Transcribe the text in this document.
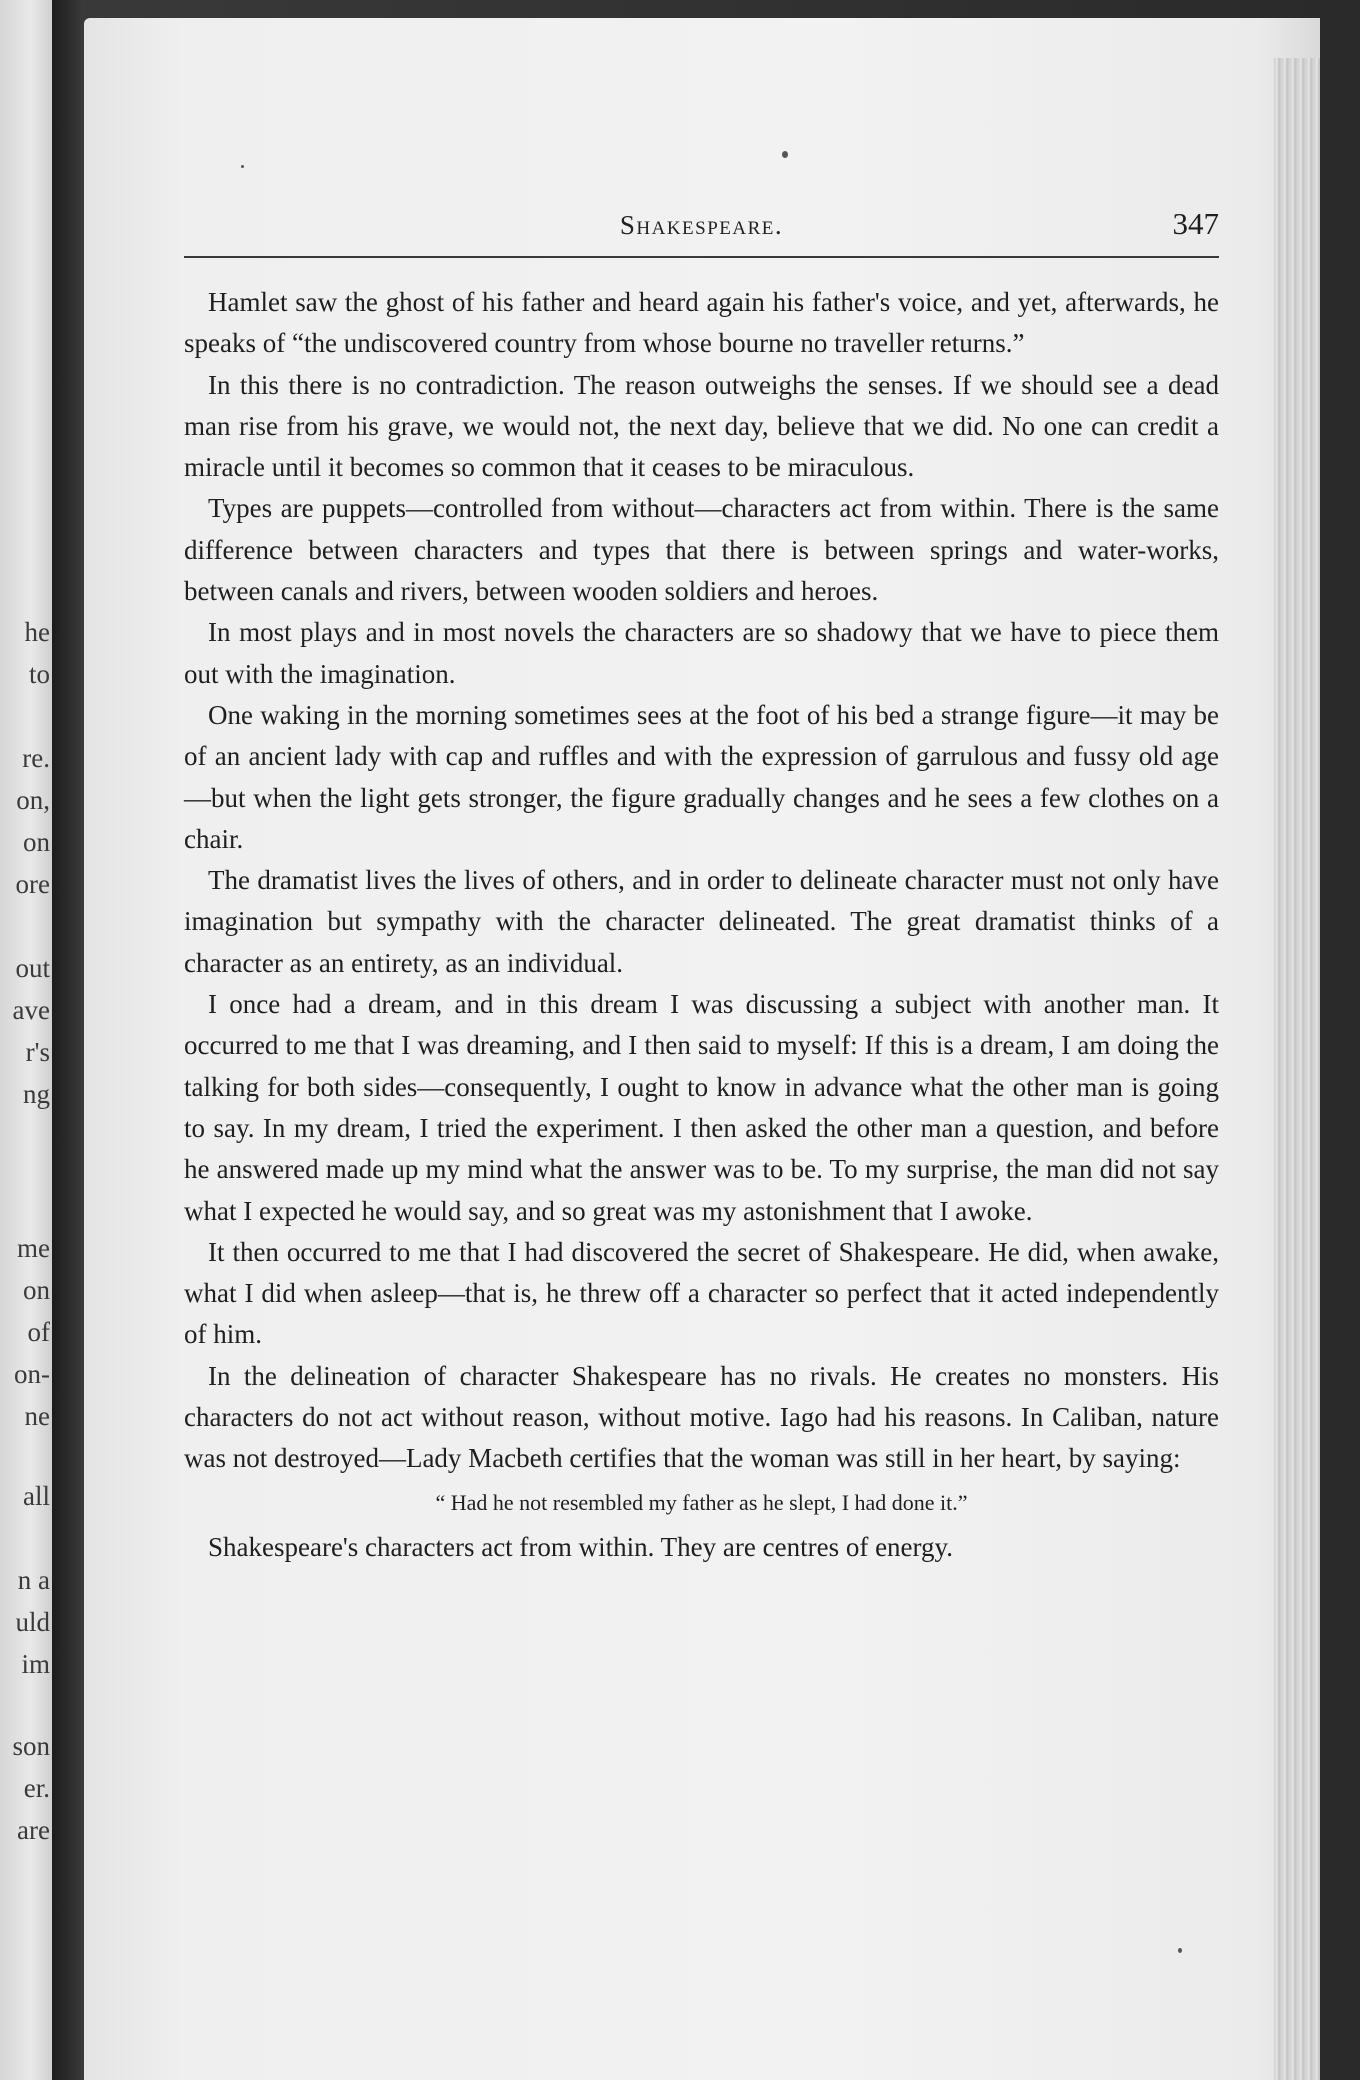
he
to
re.
on,
on
ore
out
ave
r's
ng
me
on
of
on-
ne
all
n a
uld
im
son
er.
are
Shakespeare.	347

Hamlet saw the ghost of his father and heard again his father's voice, and yet, afterwards, he speaks of “the undiscovered country from whose bourne no traveller returns.”

In this there is no contradiction. The reason outweighs the senses. If we should see a dead man rise from his grave, we would not, the next day, believe that we did. No one can credit a miracle until it becomes so common that it ceases to be miraculous.

Types are puppets—controlled from without—characters act from within. There is the same difference between characters and types that there is between springs and water-works, between canals and rivers, between wooden soldiers and heroes.

In most plays and in most novels the characters are so shadowy that we have to piece them out with the imagination.

One waking in the morning sometimes sees at the foot of his bed a strange figure—it may be of an ancient lady with cap and ruffles and with the expression of garrulous and fussy old age—but when the light gets stronger, the figure gradually changes and he sees a few clothes on a chair.

The dramatist lives the lives of others, and in order to delineate character must not only have imagination but sympathy with the character delineated. The great dramatist thinks of a character as an entirety, as an individual.

I once had a dream, and in this dream I was discussing a subject with another man. It occurred to me that I was dreaming, and I then said to myself: If this is a dream, I am doing the talking for both sides—consequently, I ought to know in advance what the other man is going to say. In my dream, I tried the experiment. I then asked the other man a question, and before he answered made up my mind what the answer was to be. To my surprise, the man did not say what I expected he would say, and so great was my astonishment that I awoke.

It then occurred to me that I had discovered the secret of Shakespeare. He did, when awake, what I did when asleep—that is, he threw off a character so perfect that it acted independently of him.

In the delineation of character Shakespeare has no rivals. He creates no monsters. His characters do not act without reason, without motive. Iago had his reasons. In Caliban, nature was not destroyed—Lady Macbeth certifies that the woman was still in her heart, by saying:

“ Had he not resembled my father as he slept, I had done it.”

Shakespeare's characters act from within. They are centres of energy.
